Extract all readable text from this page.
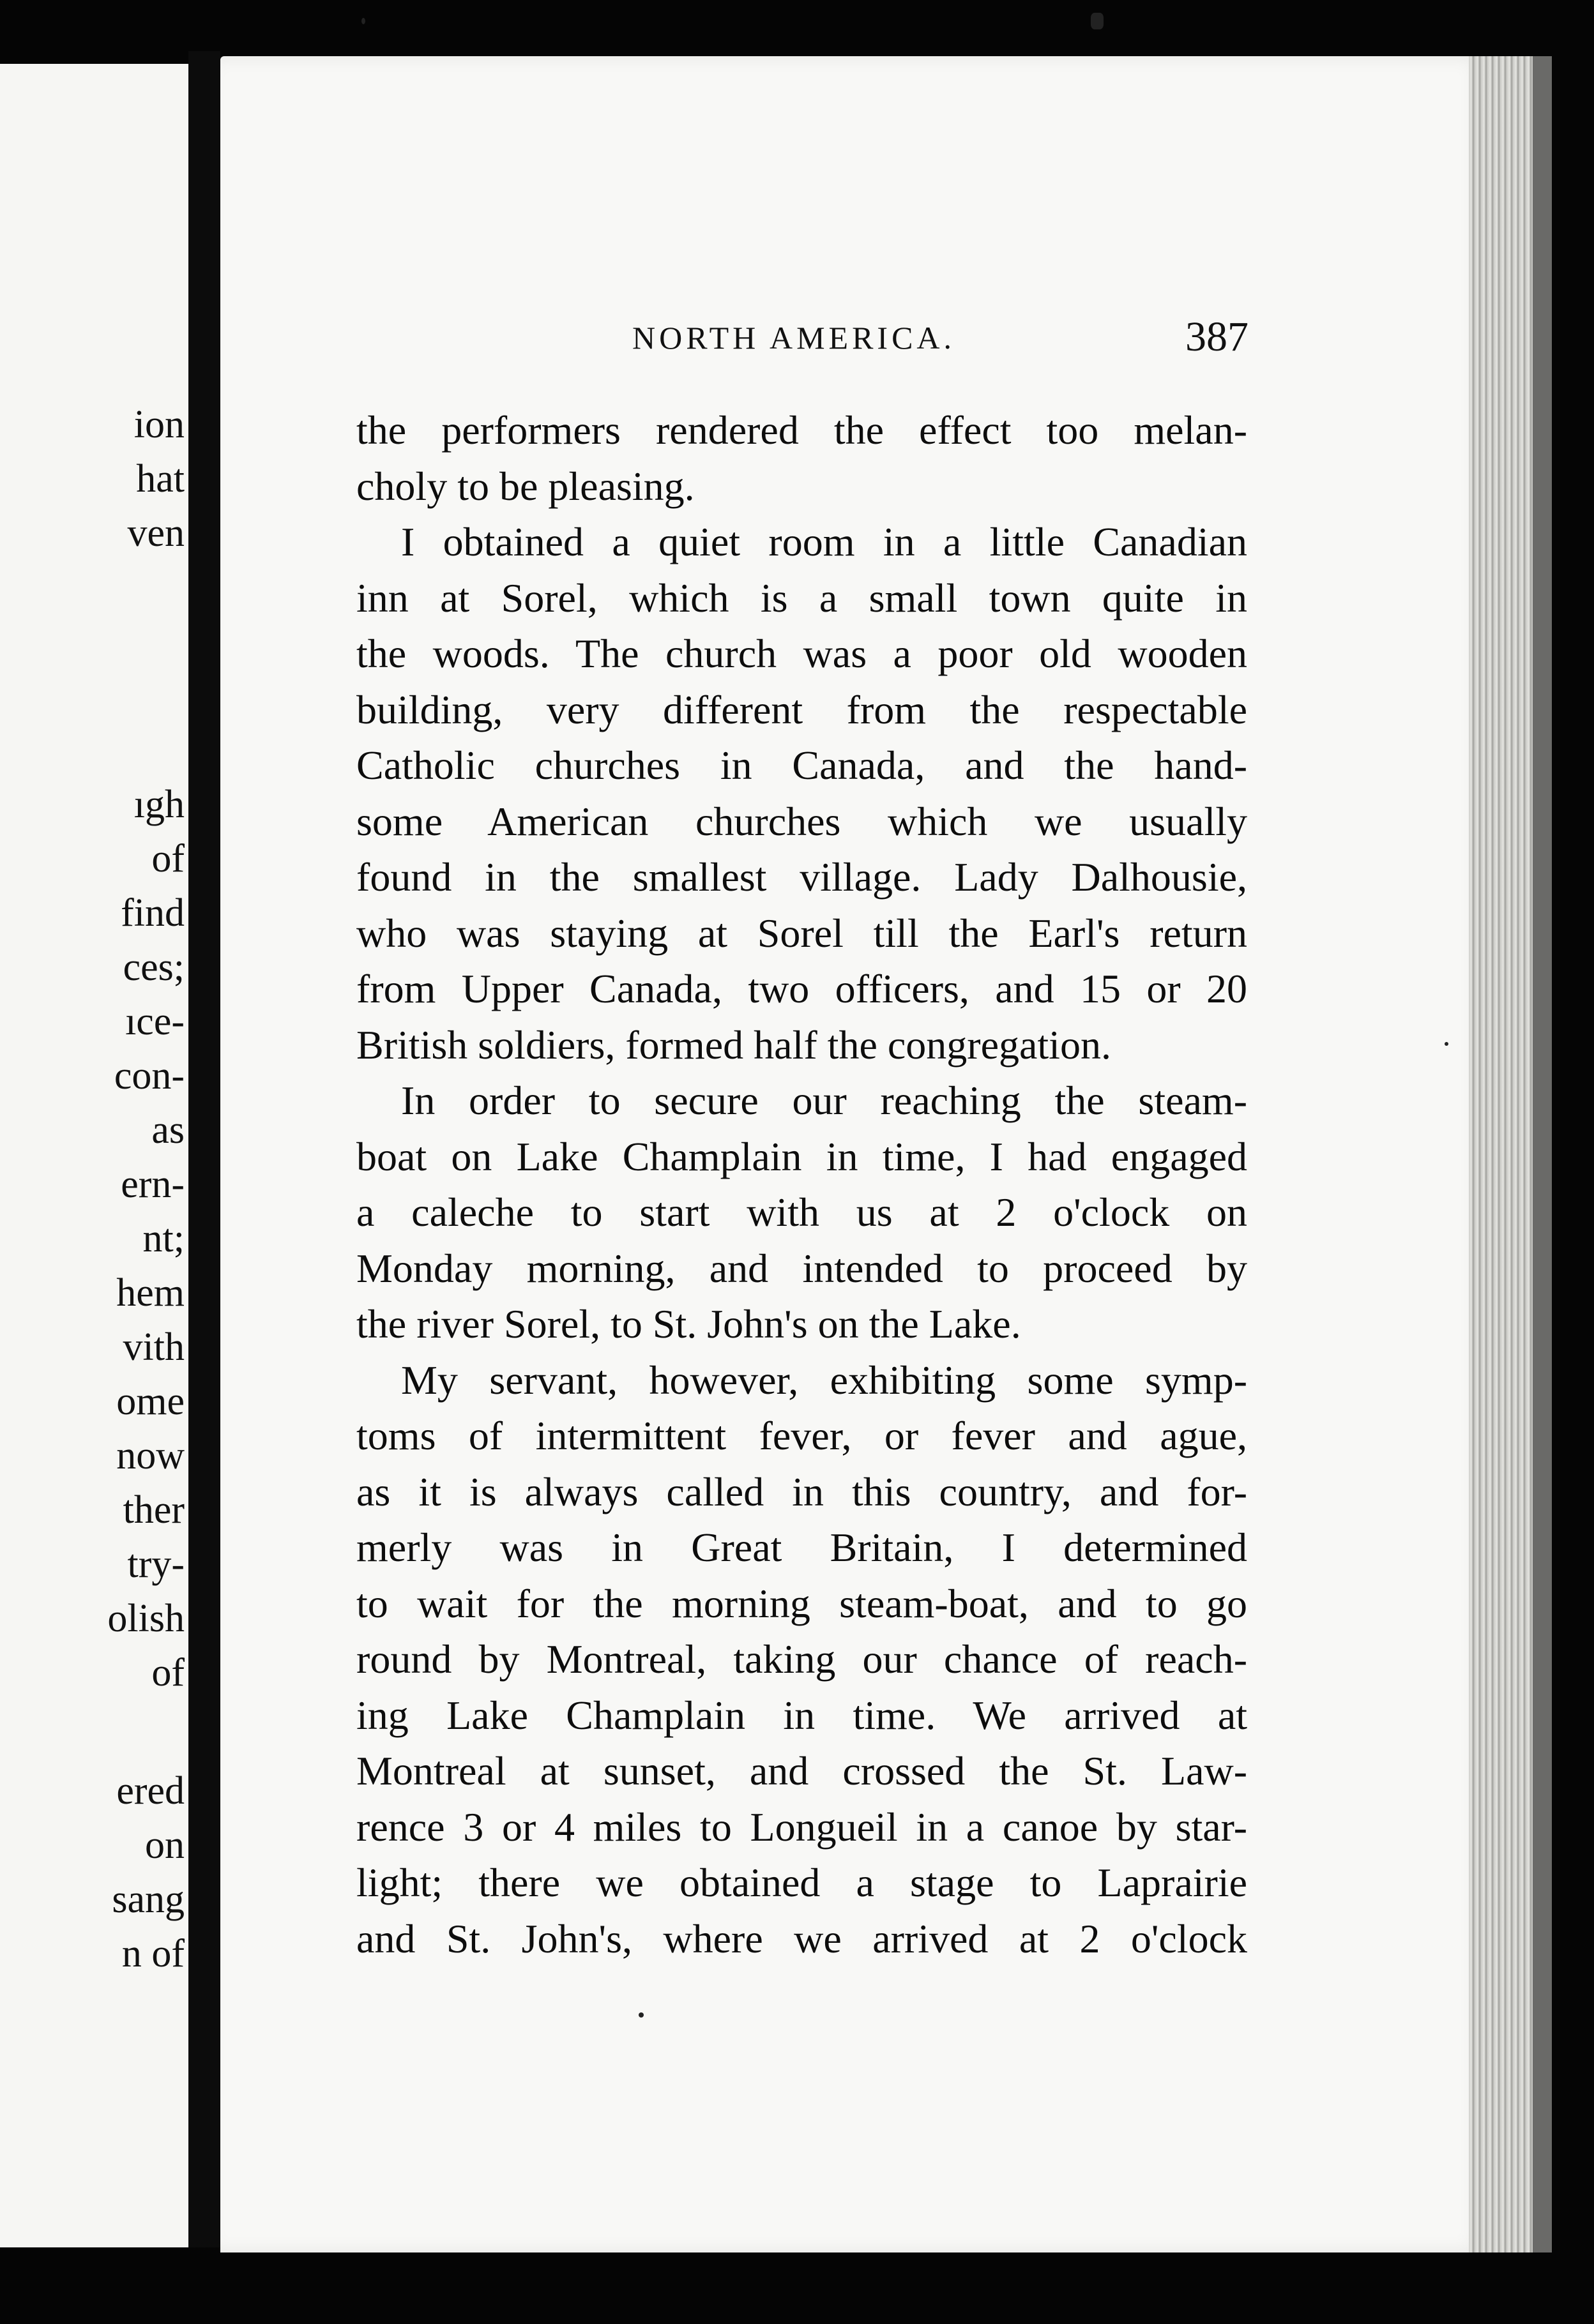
ion
hat
ven
ıgh
of
find
ces;
ıce-
con-
as
ern-
nt;
hem
vith
ome
now
ther
try-
olish
of
ered
on
sang
n of
NORTH AMERICA.	387
the performers rendered the effect too melan-
choly to be pleasing.
I obtained a quiet room in a little Canadian
inn at Sorel, which is a small town quite in
the woods. The church was a poor old wooden
building, very different from the respectable
Catholic churches in Canada, and the hand-
some American churches which we usually
found in the smallest village. Lady Dalhousie,
who was staying at Sorel till the Earl's return
from Upper Canada, two officers, and 15 or 20
British soldiers, formed half the congregation.
In order to secure our reaching the steam-
boat on Lake Champlain in time, I had engaged
a caleche to start with us at 2 o'clock on
Monday morning, and intended to proceed by
the river Sorel, to St. John's on the Lake.
My servant, however, exhibiting some symp-
toms of intermittent fever, or fever and ague,
as it is always called in this country, and for-
merly was in Great Britain, I determined
to wait for the morning steam-boat, and to go
round by Montreal, taking our chance of reach-
ing Lake Champlain in time. We arrived at
Montreal at sunset, and crossed the St. Law-
rence 3 or 4 miles to Longueil in a canoe by star-
light; there we obtained a stage to Laprairie
and St. John's, where we arrived at 2 o'clock
